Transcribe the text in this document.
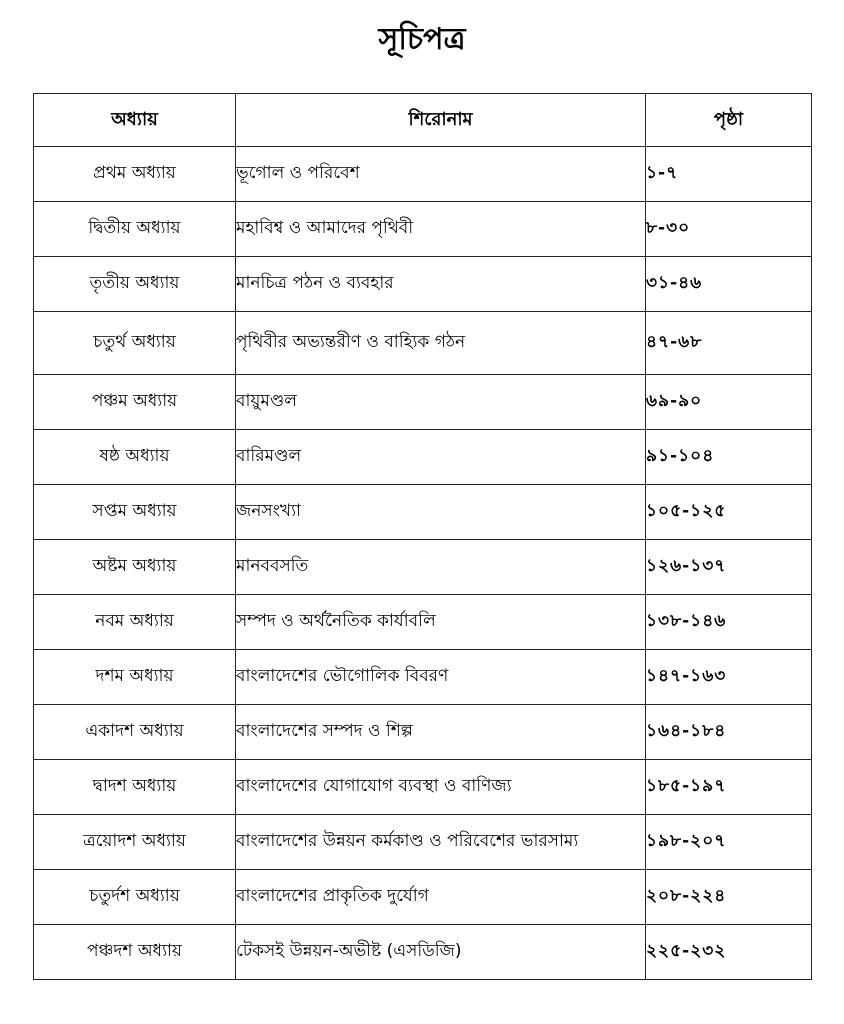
সূচিপত্র
অধ্যায়	শিরোনাম	পৃষ্ঠা
প্রথম অধ্যায়	ভূগোল ও পরিবেশ	১-৭
দ্বিতীয় অধ্যায়	মহাবিশ্ব ও আমাদের পৃথিবী	৮-৩০
তৃতীয় অধ্যায়	মানচিত্র পঠন ও ব্যবহার	৩১-৪৬
চতুর্থ অধ্যায়	পৃথিবীর অভ্যন্তরীণ ও বাহ্যিক গঠন	৪৭-৬৮
পঞ্চম অধ্যায়	বায়ুমণ্ডল	৬৯-৯০
ষষ্ঠ অধ্যায়	বারিমণ্ডল	৯১-১০৪
সপ্তম অধ্যায়	জনসংখ্যা	১০৫-১২৫
অষ্টম অধ্যায়	মানববসতি	১২৬-১৩৭
নবম অধ্যায়	সম্পদ ও অর্থনৈতিক কার্যাবলি	১৩৮-১৪৬
দশম অধ্যায়	বাংলাদেশের ভৌগোলিক বিবরণ	১৪৭-১৬৩
একাদশ অধ্যায়	বাংলাদেশের সম্পদ ও শিল্প	১৬৪-১৮৪
দ্বাদশ অধ্যায়	বাংলাদেশের যোগাযোগ ব্যবস্থা ও বাণিজ্য	১৮৫-১৯৭
ত্রয়োদশ অধ্যায়	বাংলাদেশের উন্নয়ন কর্মকাণ্ড ও পরিবেশের ভারসাম্য	১৯৮-২০৭
চতুর্দশ অধ্যায়	বাংলাদেশের প্রাকৃতিক দুর্যোগ	২০৮-২২৪
পঞ্চদশ অধ্যায়	টেকসই উন্নয়ন-অভীষ্ট (এসডিজি)	২২৫-২৩২
